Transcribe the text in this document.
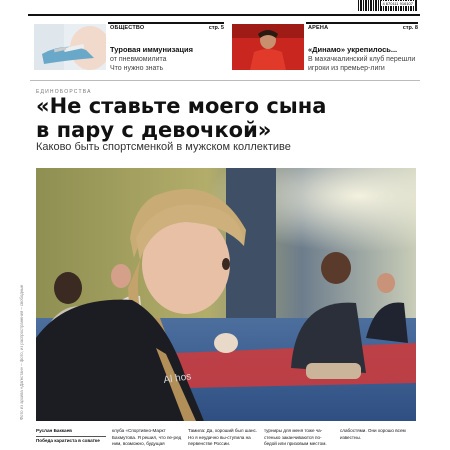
4 670111 916107
ОБЩЕСТВО	стр. 5
Туровая иммунизация
от пневмомилита
Что нужно знать
АРЕНА	стр. 8
«Динамо» укрепилось...
В махачкалинский клуб перешли
игроки из премьер-лиги
ЕДИНОБОРСТВА
«Не ставьте моего сына
в пару с девочкой»
Каково быть спортсменкой в мужском коллективе
Фото из архива «Дагестан» – фото, из распространения – свободные	Al hos
Руслан Баккаев
Победа каратиста в схватке
клуба «Спортивно-Маркт Бахмутова. Я решил, что пе-ред ним, возможно, будущая
Тамила: Да, хороший был шанс. Но я неудачно вы-ступила на первенстве России.
турниры для меня тоже ча-стенько заканчиваются по-бедой или призовым местом.
слабостями. Они хорошо всем известны.
